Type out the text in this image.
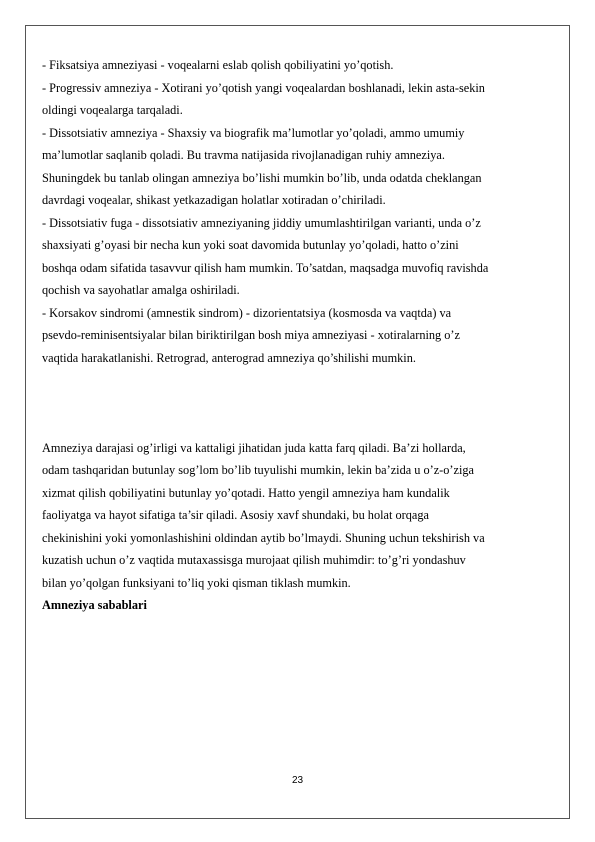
- Fiksatsiya amneziyasi - voqealarni eslab qolish qobiliyatini yo’qotish.

- Progressiv amneziya - Xotirani yo’qotish yangi voqealardan boshlanadi, lekin asta-sekin

oldingi voqealarga tarqaladi.

- Dissotsiativ amneziya - Shaxsiy va biografik ma’lumotlar yo’qoladi, ammo umumiy

ma’lumotlar saqlanib qoladi. Bu travma natijasida rivojlanadigan ruhiy amneziya.

Shuningdek bu tanlab olingan amneziya bo’lishi mumkin bo’lib, unda odatda cheklangan

davrdagi voqealar, shikast yetkazadigan holatlar xotiradan o’chiriladi.

- Dissotsiativ fuga - dissotsiativ amneziyaning jiddiy umumlashtirilgan varianti, unda o’z

shaxsiyati g’oyasi bir necha kun yoki soat davomida butunlay yo’qoladi, hatto o’zini

boshqa odam sifatida tasavvur qilish ham mumkin. To’satdan, maqsadga muvofiq ravishda

qochish va sayohatlar amalga oshiriladi.

- Korsakov sindromi (amnestik sindrom) - dizorientatsiya (kosmosda va vaqtda) va

psevdo-reminisentsiyalar bilan biriktirilgan bosh miya amneziyasi - xotiralarning o’z

vaqtida harakatlanishi. Retrograd, anterograd amneziya qo’shilishi mumkin.

Amneziya darajasi og’irligi va kattaligi jihatidan juda katta farq qiladi. Ba’zi hollarda,

odam tashqaridan butunlay sog’lom bo’lib tuyulishi mumkin, lekin ba’zida u o’z-o’ziga

xizmat qilish qobiliyatini butunlay yo’qotadi. Hatto yengil amneziya ham kundalik

faoliyatga va hayot sifatiga ta’sir qiladi. Asosiy xavf shundaki, bu holat orqaga

chekinishini yoki yomonlashishini oldindan aytib bo’lmaydi. Shuning uchun tekshirish va

kuzatish uchun o’z vaqtida mutaxassisga murojaat qilish muhimdir: to’g’ri yondashuv

bilan yo’qolgan funksiyani to’liq yoki qisman tiklash mumkin.

Amneziya sabablari

23
